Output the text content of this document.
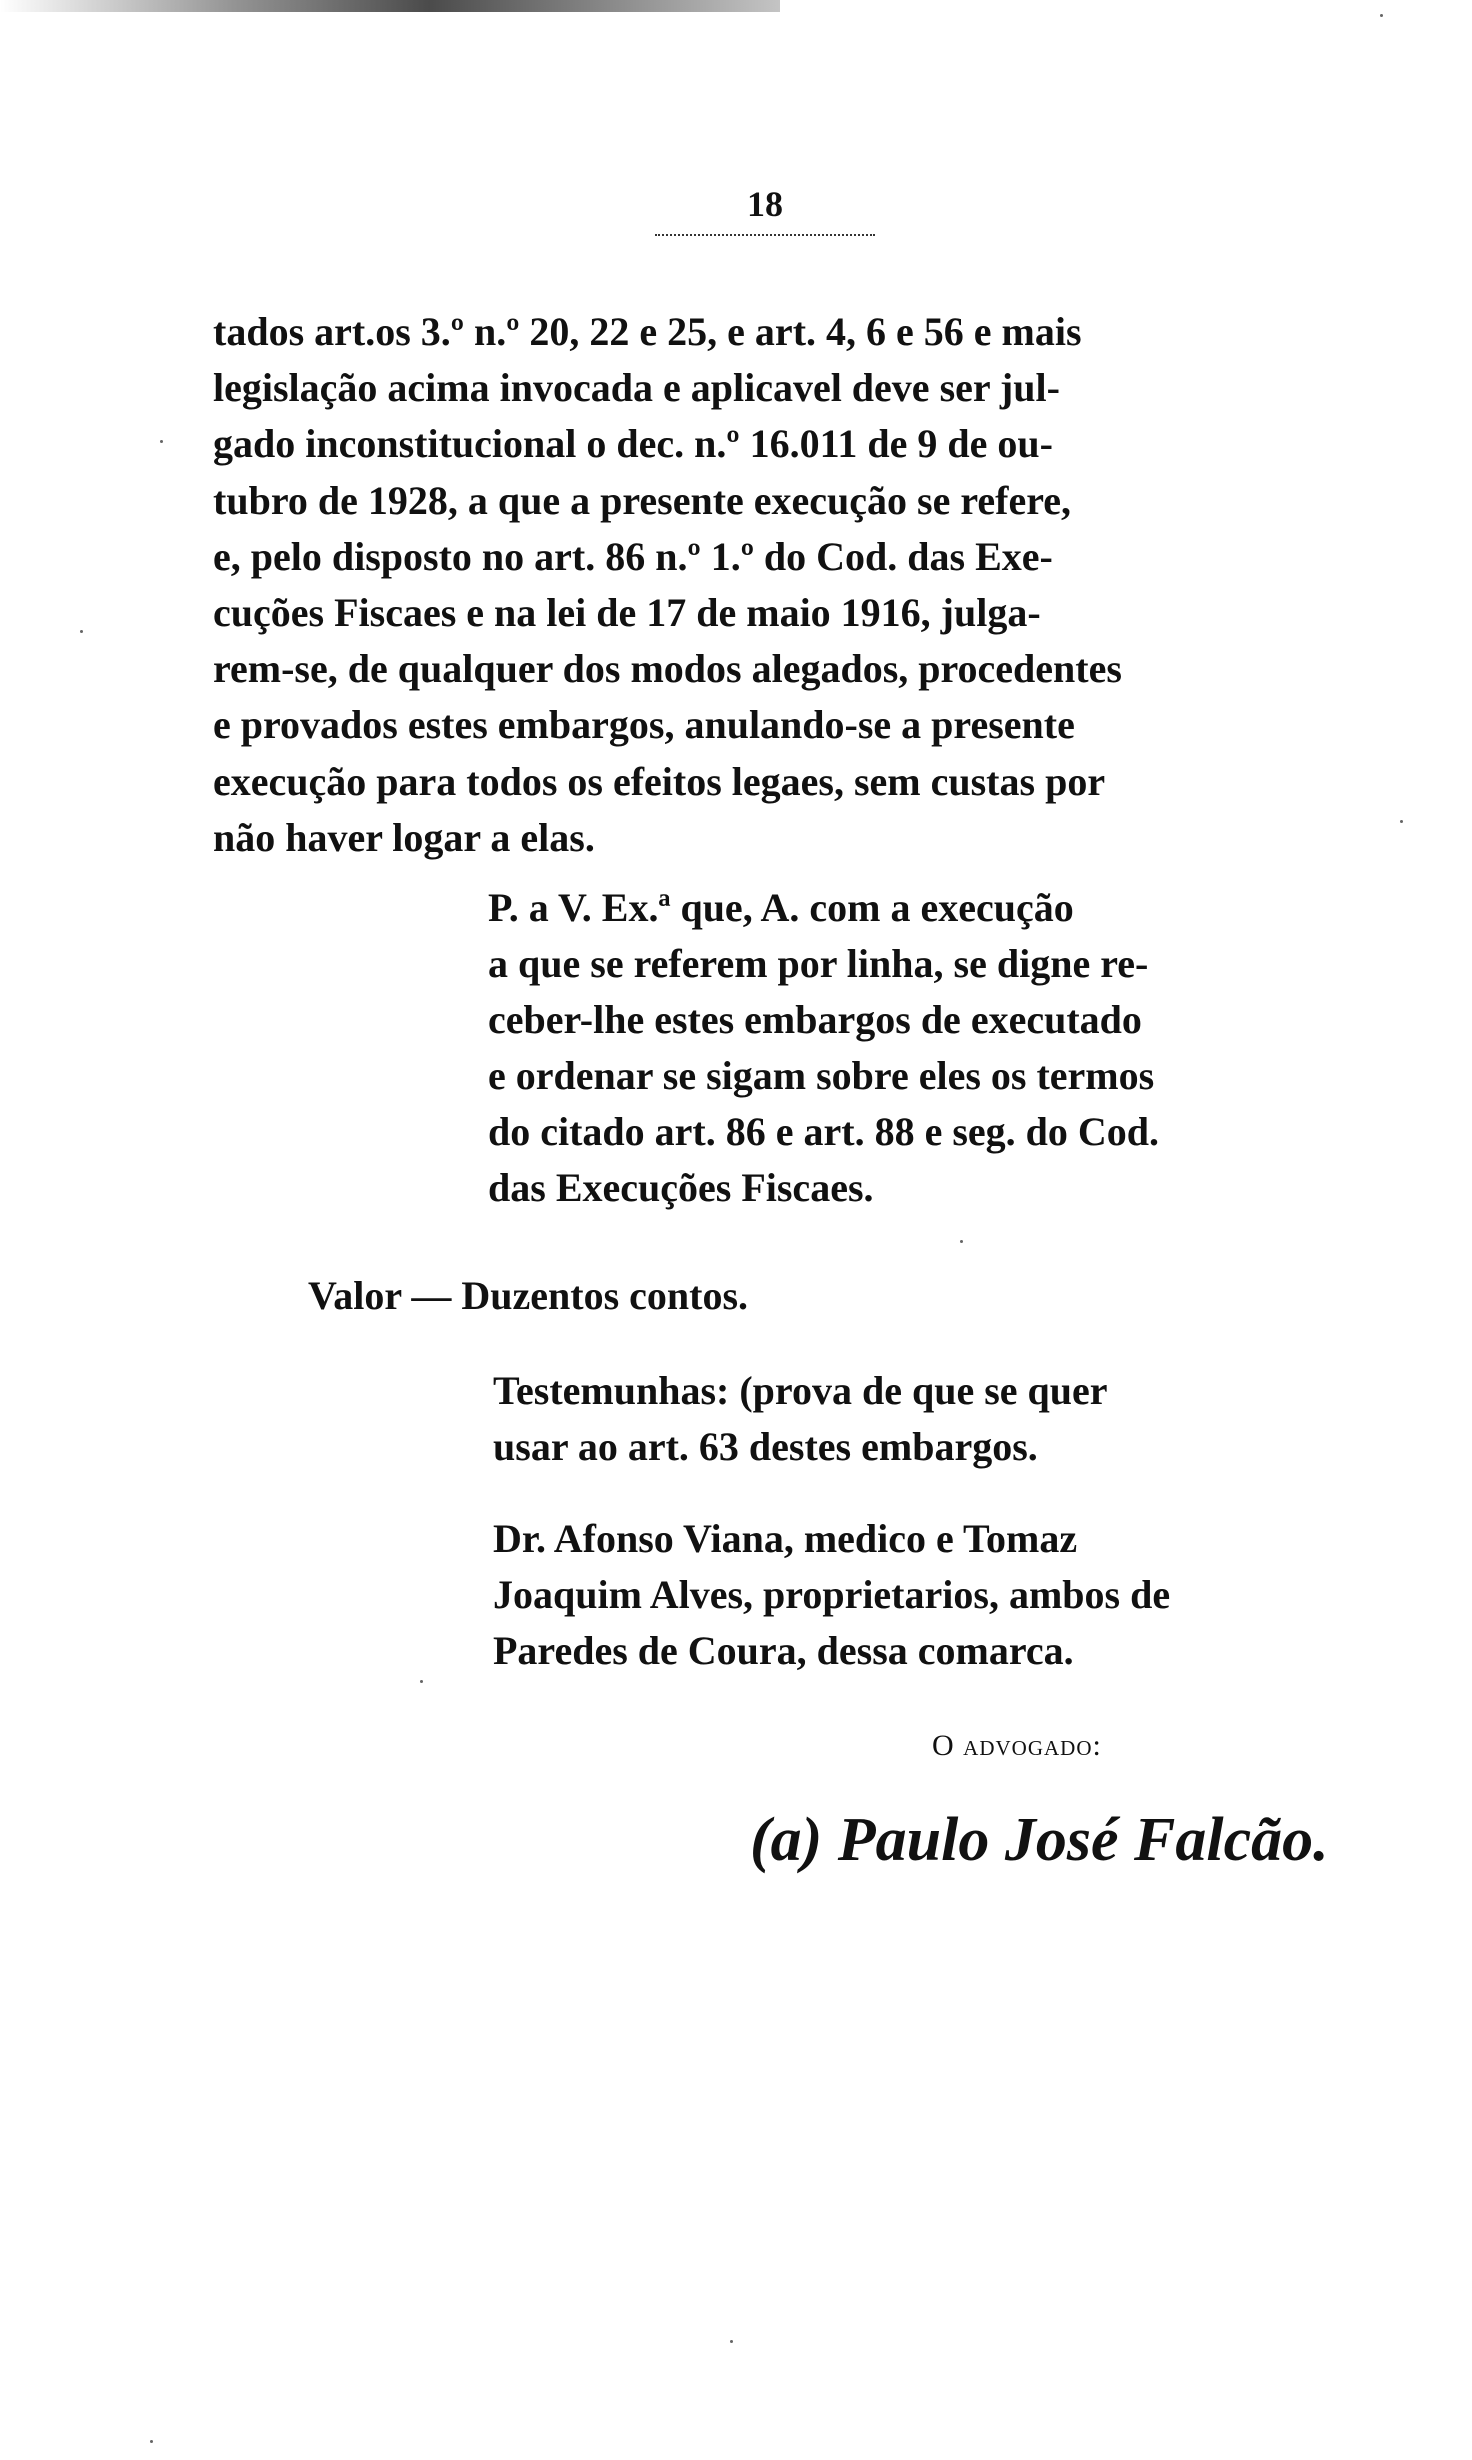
18
tados art.os 3.º n.º 20, 22 e 25, e art. 4, 6 e 56 e mais
legislação acima invocada e aplicavel deve ser jul-
gado inconstitucional o dec. n.º 16.011 de 9 de ou-
tubro de 1928, a que a presente execução se refere,
e, pelo disposto no art. 86 n.º 1.º do Cod. das Exe-
cuções Fiscaes e na lei de 17 de maio 1916, julga-
rem-se, de qualquer dos modos alegados, procedentes
e provados estes embargos, anulando-se a presente
execução para todos os efeitos legaes, sem custas por
não haver logar a elas.
P. a V. Ex.ª que, A. com a execução
a que se referem por linha, se digne re-
ceber-lhe estes embargos de executado
e ordenar se sigam sobre eles os termos
do citado art. 86 e art. 88 e seg. do Cod.
das Execuções Fiscaes.
Valor — Duzentos contos.
Testemunhas: (prova de que se quer
usar ao art. 63 destes embargos.
Dr. Afonso Viana, medico e Tomaz
Joaquim Alves, proprietarios, ambos de
Paredes de Coura, dessa comarca.
O advogado:
(a) Paulo José Falcão.
